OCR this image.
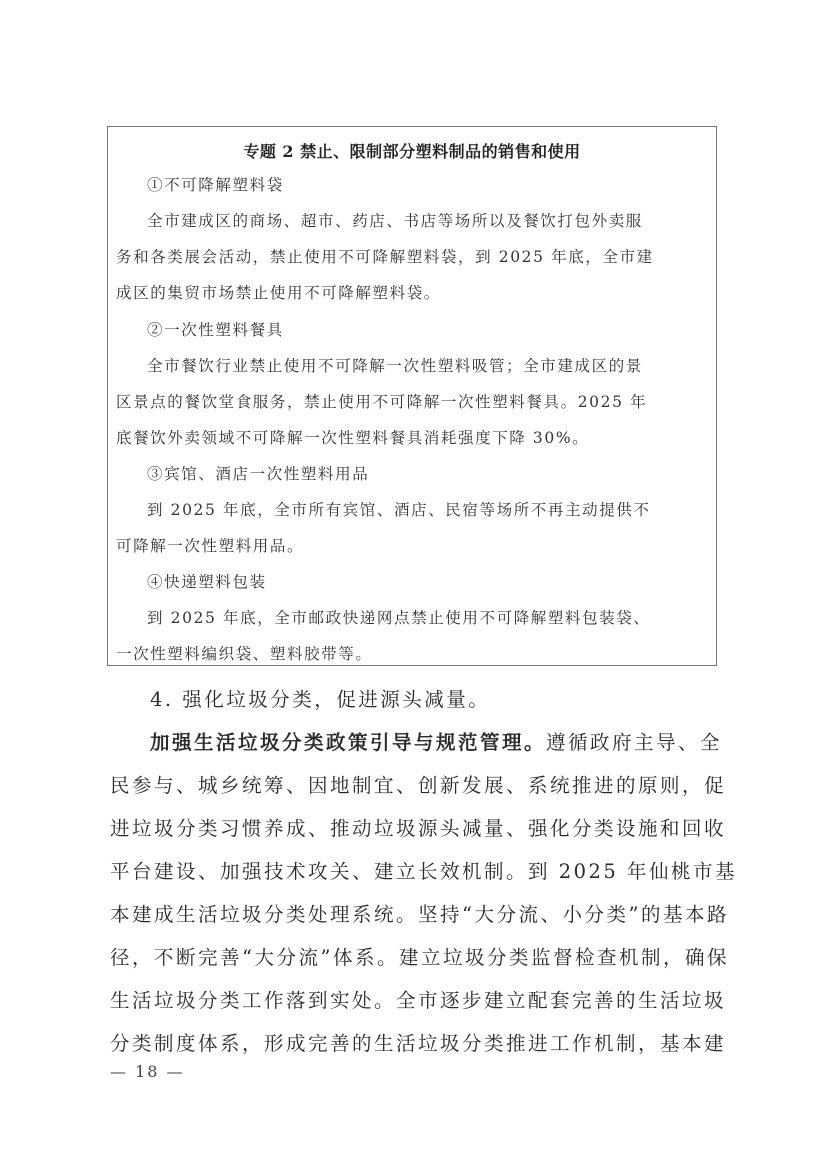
专题 2 禁止、限制部分塑料制品的销售和使用
①不可降解塑料袋
全市建成区的商场、超市、药店、书店等场所以及餐饮打包外卖服
务和各类展会活动，禁止使用不可降解塑料袋，到 2025 年底，全市建
成区的集贸市场禁止使用不可降解塑料袋。
②一次性塑料餐具
全市餐饮行业禁止使用不可降解一次性塑料吸管；全市建成区的景
区景点的餐饮堂食服务，禁止使用不可降解一次性塑料餐具。2025 年
底餐饮外卖领域不可降解一次性塑料餐具消耗强度下降 30%。
③宾馆、酒店一次性塑料用品
到 2025 年底，全市所有宾馆、酒店、民宿等场所不再主动提供不
可降解一次性塑料用品。
④快递塑料包装
到 2025 年底，全市邮政快递网点禁止使用不可降解塑料包装袋、
一次性塑料编织袋、塑料胶带等。
4. 强化垃圾分类，促进源头减量。
加强生活垃圾分类政策引导与规范管理。遵循政府主导、全
民参与、城乡统筹、因地制宜、创新发展、系统推进的原则，促
进垃圾分类习惯养成、推动垃圾源头减量、强化分类设施和回收
平台建设、加强技术攻关、建立长效机制。到 2025 年仙桃市基
本建成生活垃圾分类处理系统。坚持“大分流、小分类”的基本路
径，不断完善“大分流”体系。建立垃圾分类监督检查机制，确保
生活垃圾分类工作落到实处。全市逐步建立配套完善的生活垃圾
分类制度体系，形成完善的生活垃圾分类推进工作机制，基本建
— 18 —
